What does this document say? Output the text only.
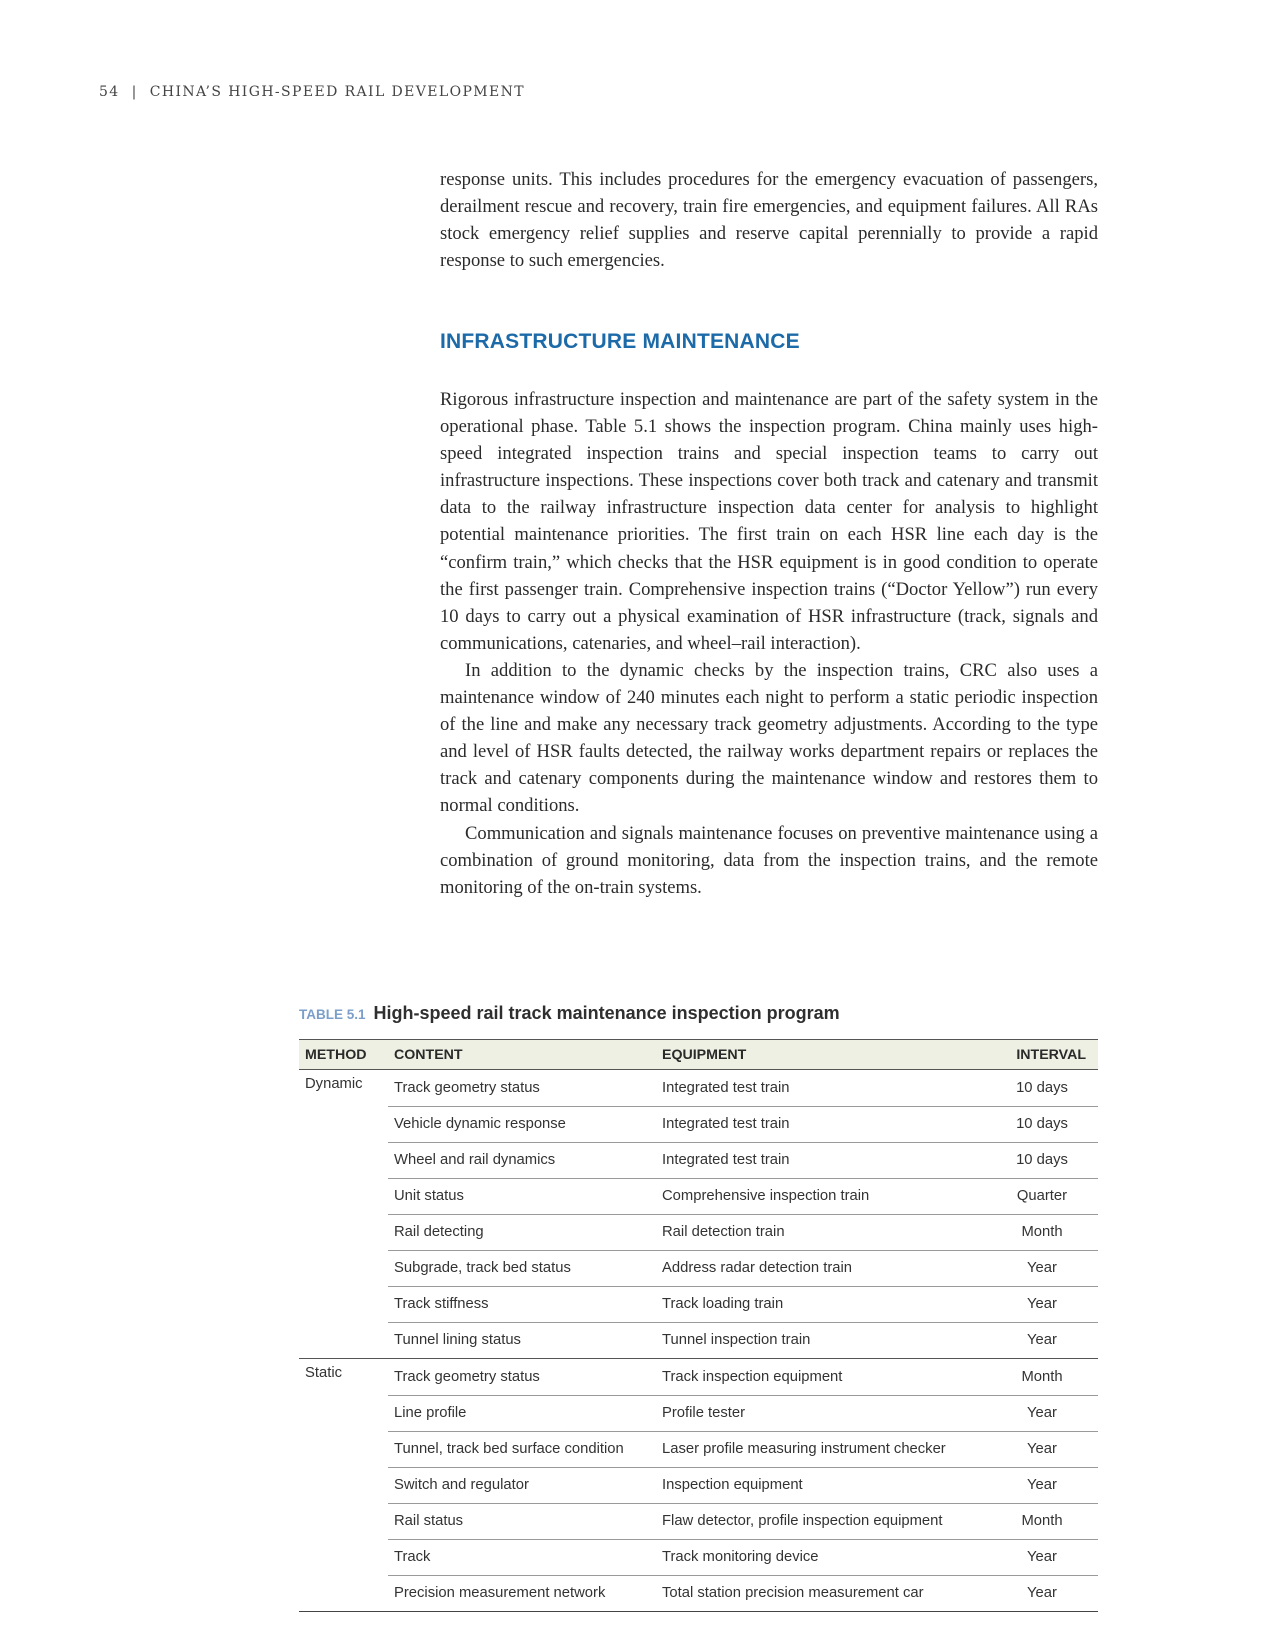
54 | CHINA’S HIGH-SPEED RAIL DEVELOPMENT

response units. This includes procedures for the emergency evacuation of passengers, derailment rescue and recovery, train fire emergencies, and equipment failures. All RAs stock emergency relief supplies and reserve capital perennially to provide a rapid response to such emergencies.

INFRASTRUCTURE MAINTENANCE

Rigorous infrastructure inspection and maintenance are part of the safety system in the operational phase. Table 5.1 shows the inspection program. China mainly uses high-speed integrated inspection trains and special inspection teams to carry out infrastructure inspections. These inspections cover both track and catenary and transmit data to the railway infrastructure inspection data center for analysis to highlight potential maintenance priorities. The first train on each HSR line each day is the “confirm train,” which checks that the HSR equipment is in good condition to operate the first passenger train. Comprehensive inspection trains (“Doctor Yellow”) run every 10 days to carry out a physical examination of HSR infrastructure (track, signals and communications, catenaries, and wheel–rail interaction).

In addition to the dynamic checks by the inspection trains, CRC also uses a maintenance window of 240 minutes each night to perform a static periodic inspection of the line and make any necessary track geometry adjustments. According to the type and level of HSR faults detected, the railway works department repairs or replaces the track and catenary components during the maintenance window and restores them to normal conditions.

Communication and signals maintenance focuses on preventive maintenance using a combination of ground monitoring, data from the inspection trains, and the remote monitoring of the on-train systems.

TABLE 5.1 High-speed rail track maintenance inspection program
METHOD	CONTENT	EQUIPMENT	INTERVAL
Dynamic	Track geometry status	Integrated test train	10 days
	Vehicle dynamic response	Integrated test train	10 days
	Wheel and rail dynamics	Integrated test train	10 days
	Unit status	Comprehensive inspection train	Quarter
	Rail detecting	Rail detection train	Month
	Subgrade, track bed status	Address radar detection train	Year
	Track stiffness	Track loading train	Year
	Tunnel lining status	Tunnel inspection train	Year
Static	Track geometry status	Track inspection equipment	Month
	Line profile	Profile tester	Year
	Tunnel, track bed surface condition	Laser profile measuring instrument checker	Year
	Switch and regulator	Inspection equipment	Year
	Rail status	Flaw detector, profile inspection equipment	Month
	Track	Track monitoring device	Year
	Precision measurement network	Total station precision measurement car	Year
